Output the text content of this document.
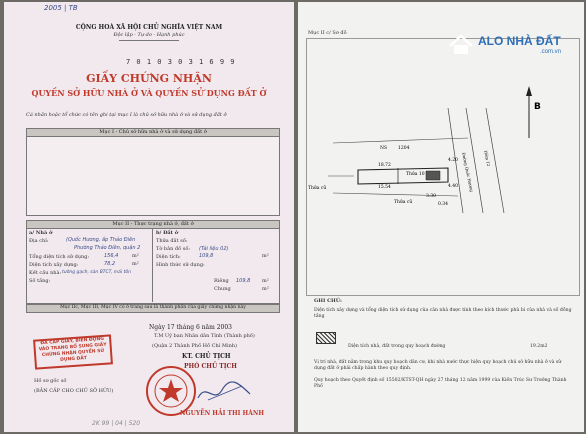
2005 | TB
CỘNG HOÀ XÃ HỘI CHỦ NGHĨA VIỆT NAM
Độc lập - Tự do - Hạnh phúc
7 0 1 0 3 0 3 1 6 9 9
GIẤY CHỨNG NHẬN
QUYỀN SỞ HỮU NHÀ Ở VÀ QUYỀN SỬ DỤNG ĐẤT Ở
Cá nhân hoặc tổ chức có tên ghi tại mục I là chủ sở hữu nhà ở và sử dụng đất ở
Mục I - Chủ sở hữu nhà ở và sử dụng đất ở
Mục II - Thực trạng nhà ở, đất ở
a/ Nhà ở
Địa chỉ:	(Quốc Hương, ấp Thảo Điền
Phường Thảo Điền, quận 2
Tổng diện tích sử dụng:	156,4	m²
Diện tích xây dựng:	78,2	m²
Kết cấu nhà: tường gạch, sàn BTCT, mái tôn
Số tầng:
b/ Đất ở
Thửa đất số:
Tờ bản đồ số: (Tài liệu 02)
Diện tích:	109,8	m²
Hình thức sử dụng:
Riêng 109,8 m²
Chung	m²
Mục IIc, Mục III, Mục IV có ở trang sau là thành phần của giấy chứng nhận này
Ngày 17 tháng 6 năm 2003
T.M Uỷ ban Nhân dân Tỉnh (Thành phố)
(Quận 2 Thành Phố Hồ Chí Minh)
KT. CHỦ TỊCH
PHÓ CHỦ TỊCH
NGUYỄN HẢI THI HÀNH
ĐÃ CẤP GIẤY, BIẾN ĐỘNG VÀO TRANG BỔ SUNG GIẤY CHỨNG NHẬN QUYỀN SỬ DỤNG ĐẤT
Hồ sơ gốc số
(BẢN CẤP CHO CHỦ SỞ HỮU)
2K 99 | 04 | 520
Mục II c/ Sơ đồ
ALO NHÀ ĐẤT
.com.vn
B
NS 1204
18.72
15.54
4.20
4.40
Thửa 10
Thửa cũ
Thửa cũ
3.30
0.34
Đường Quốc Hương Hẻm 12
GHI CHÚ:
Diện tích xây dựng và tổng diện tích sử dụng của căn nhà được tính theo kích thước phủ bì của nhà và số đồng tầng
Diện tích nhà, đất trong quy hoạch đường	19.2m2
Vị trí nhà, đất nằm trong khu quy hoạch dân cư, khi nhà nước thực hiện quy hoạch chủ sở hữu nhà ở và sử dụng đất ở phải chấp hành theo quy định.
Quy hoạch theo Quyết định số 15502/KTST-QH ngày 27 tháng 12 năm 1999 của Kiến Trúc Sư Trưởng Thành Phố
